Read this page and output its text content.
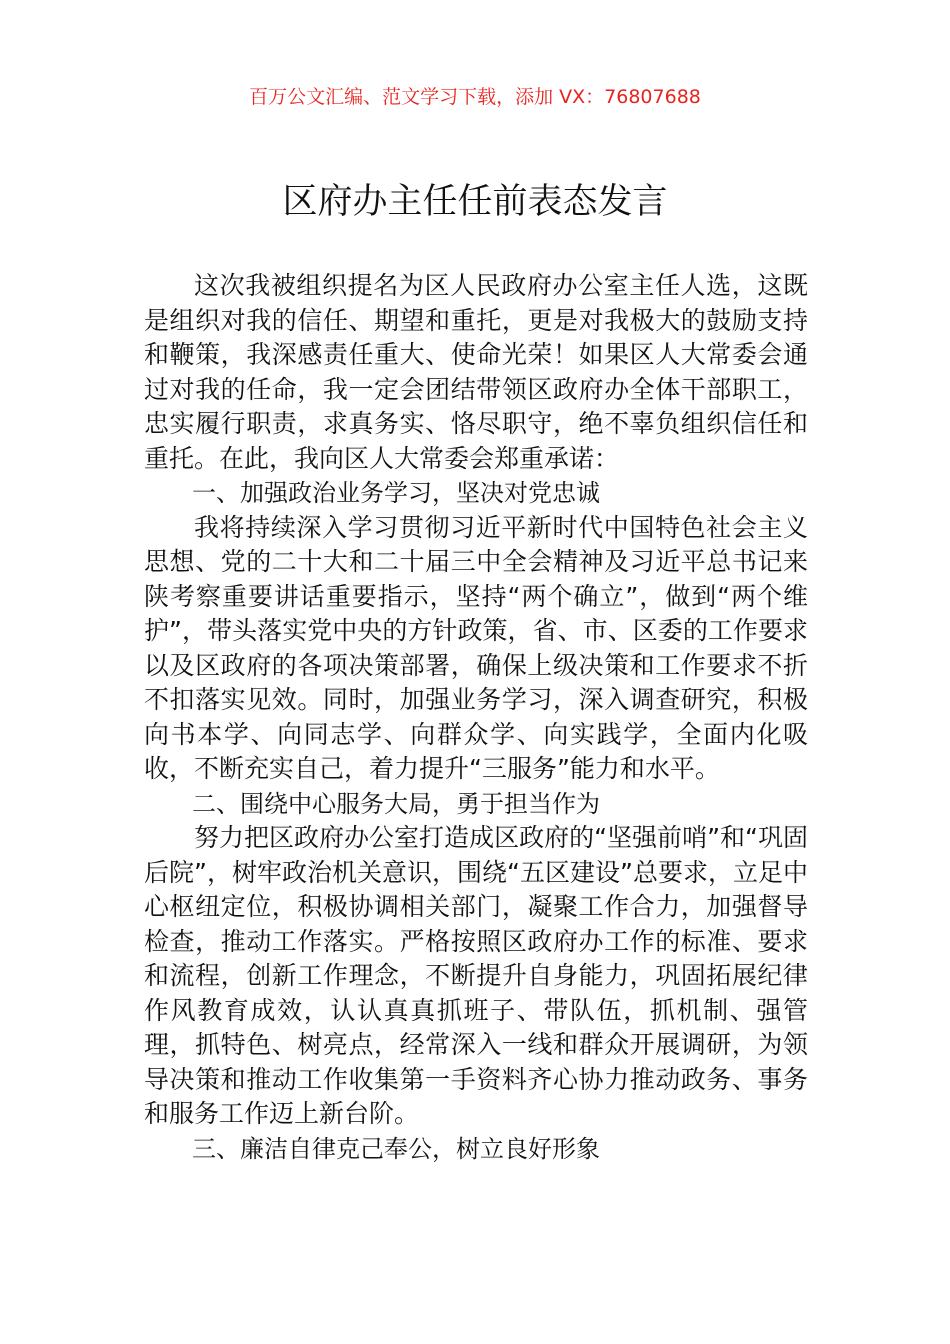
百万公文汇编、范文学习下载，添加 VX：76807688
区府办主任任前表态发言

这次我被组织提名为区人民政府办公室主任人选，这既是组织对我的信任、期望和重托，更是对我极大的鼓励支持和鞭策，我深感责任重大、使命光荣！如果区人大常委会通过对我的任命，我一定会团结带领区政府办全体干部职工，忠实履行职责，求真务实、恪尽职守，绝不辜负组织信任和重托。在此，我向区人大常委会郑重承诺：

一、加强政治业务学习，坚决对党忠诚

我将持续深入学习贯彻习近平新时代中国特色社会主义思想、党的二十大和二十届三中全会精神及习近平总书记来陕考察重要讲话重要指示，坚持“两个确立”，做到“两个维护”，带头落实党中央的方针政策，省、市、区委的工作要求以及区政府的各项决策部署，确保上级决策和工作要求不折不扣落实见效。同时，加强业务学习，深入调查研究，积极向书本学、向同志学、向群众学、向实践学，全面内化吸收，不断充实自己，着力提升“三服务”能力和水平。

二、围绕中心服务大局，勇于担当作为

努力把区政府办公室打造成区政府的“坚强前哨”和“巩固后院”，树牢政治机关意识，围绕“五区建设”总要求，立足中心枢纽定位，积极协调相关部门，凝聚工作合力，加强督导检查，推动工作落实。严格按照区政府办工作的标准、要求和流程，创新工作理念，不断提升自身能力，巩固拓展纪律作风教育成效，认认真真抓班子、带队伍，抓机制、强管理，抓特色、树亮点，经常深入一线和群众开展调研，为领导决策和推动工作收集第一手资料齐心协力推动政务、事务和服务工作迈上新台阶。

三、廉洁自律克己奉公，树立良好形象
